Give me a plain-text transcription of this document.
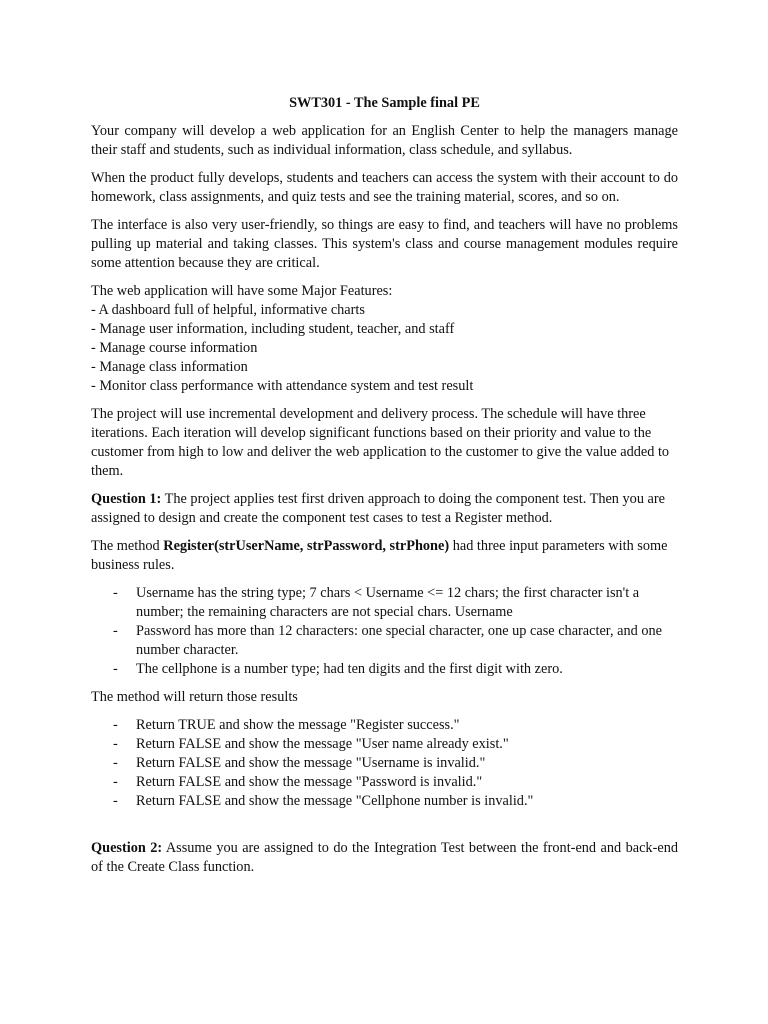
SWT301 - The Sample final PE

Your company will develop a web application for an English Center to help the managers manage their staff and students, such as individual information, class schedule, and syllabus.

When the product fully develops, students and teachers can access the system with their account to do homework, class assignments, and quiz tests and see the training material, scores, and so on.

The interface is also very user-friendly, so things are easy to find, and teachers will have no problems pulling up material and taking classes. This system's class and course management modules require some attention because they are critical.

The web application will have some Major Features:
- A dashboard full of helpful, informative charts
- Manage user information, including student, teacher, and staff
- Manage course information
- Manage class information
- Monitor class performance with attendance system and test result

The project will use incremental development and delivery process. The schedule will have three iterations. Each iteration will develop significant functions based on their priority and value to the customer from high to low and deliver the web application to the customer to give the value added to them.

Question 1: The project applies test first driven approach to doing the component test. Then you are assigned to design and create the component test cases to test a Register method.

The method Register(strUserName, strPassword, strPhone) had three input parameters with some business rules.

- Username has the string type; 7 chars < Username <= 12 chars; the first character isn't a number; the remaining characters are not special chars. Username
- Password has more than 12 characters: one special character, one up case character, and one number character.
- The cellphone is a number type; had ten digits and the first digit with zero.

The method will return those results

- Return TRUE and show the message "Register success."
- Return FALSE and show the message "User name already exist."
- Return FALSE and show the message "Username is invalid."
- Return FALSE and show the message "Password is invalid."
- Return FALSE and show the message "Cellphone number is invalid."

Question 2: Assume you are assigned to do the Integration Test between the front-end and back-end of the Create Class function.
